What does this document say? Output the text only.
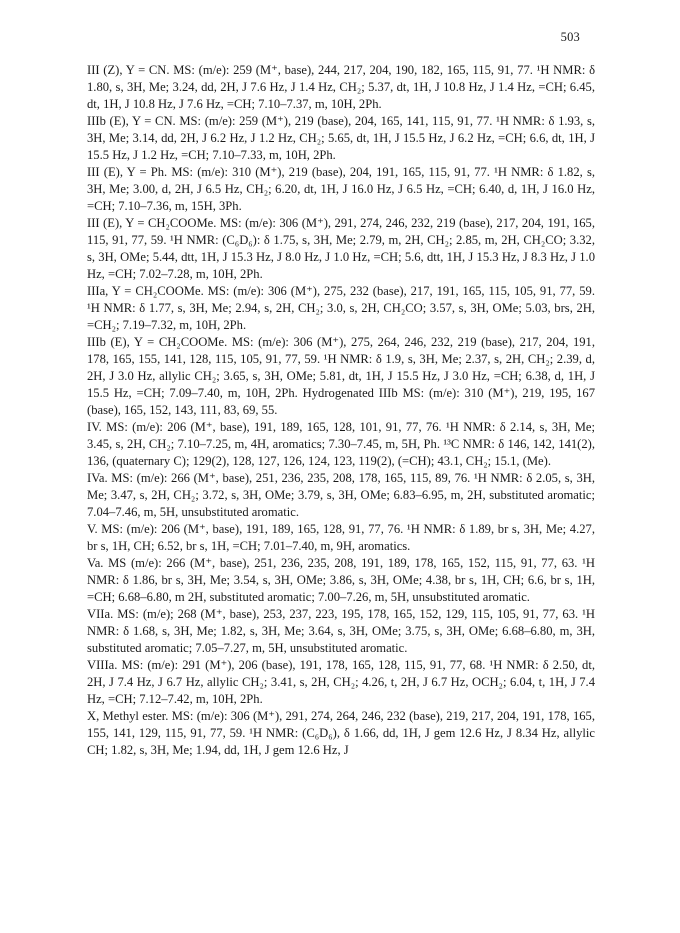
503

III (Z), Y = CN. MS: (m/e): 259 (M⁺, base), 244, 217, 204, 190, 182, 165, 115, 91, 77. ¹H NMR: δ 1.80, s, 3H, Me; 3.24, dd, 2H, J 7.6 Hz, J 1.4 Hz, CH₂; 5.37, dt, 1H, J 10.8 Hz, J 1.4 Hz, =CH; 6.45, dt, 1H, J 10.8 Hz, J 7.6 Hz, =CH; 7.10–7.37, m, 10H, 2Ph.

IIIb (E), Y = CN. MS: (m/e): 259 (M⁺), 219 (base), 204, 165, 141, 115, 91, 77. ¹H NMR: δ 1.93, s, 3H, Me; 3.14, dd, 2H, J 6.2 Hz, J 1.2 Hz, CH₂; 5.65, dt, 1H, J 15.5 Hz, J 6.2 Hz, =CH; 6.6, dt, 1H, J 15.5 Hz, J 1.2 Hz, =CH; 7.10–7.33, m, 10H, 2Ph.

III (E), Y = Ph. MS: (m/e): 310 (M⁺), 219 (base), 204, 191, 165, 115, 91, 77. ¹H NMR: δ 1.82, s, 3H, Me; 3.00, d, 2H, J 6.5 Hz, CH₂; 6.20, dt, 1H, J 16.0 Hz, J 6.5 Hz, =CH; 6.40, d, 1H, J 16.0 Hz, =CH; 7.10–7.36, m, 15H, 3Ph.

III (E), Y = CH₂COOMe. MS: (m/e): 306 (M⁺), 291, 274, 246, 232, 219 (base), 217, 204, 191, 165, 115, 91, 77, 59. ¹H NMR: (C₆D₆): δ 1.75, s, 3H, Me; 2.79, m, 2H, CH₂; 2.85, m, 2H, CH₂CO; 3.32, s, 3H, OMe; 5.44, dtt, 1H, J 15.3 Hz, J 8.0 Hz, J 1.0 Hz, =CH; 5.6, dtt, 1H, J 15.3 Hz, J 8.3 Hz, J 1.0 Hz, =CH; 7.02–7.28, m, 10H, 2Ph.

IIIa, Y = CH₂COOMe. MS: (m/e): 306 (M⁺), 275, 232 (base), 217, 191, 165, 115, 105, 91, 77, 59. ¹H NMR: δ 1.77, s, 3H, Me; 2.94, s, 2H, CH₂; 3.0, s, 2H, CH₂CO; 3.57, s, 3H, OMe; 5.03, brs, 2H, =CH₂; 7.19–7.32, m, 10H, 2Ph.

IIIb (E), Y = CH₂COOMe. MS: (m/e): 306 (M⁺), 275, 264, 246, 232, 219 (base), 217, 204, 191, 178, 165, 155, 141, 128, 115, 105, 91, 77, 59. ¹H NMR: δ 1.9, s, 3H, Me; 2.37, s, 2H, CH₂; 2.39, d, 2H, J 3.0 Hz, allylic CH₂; 3.65, s, 3H, OMe; 5.81, dt, 1H, J 15.5 Hz, J 3.0 Hz, =CH; 6.38, d, 1H, J 15.5 Hz, =CH; 7.09–7.40, m, 10H, 2Ph. Hydrogenated IIIb MS: (m/e): 310 (M⁺), 219, 195, 167 (base), 165, 152, 143, 111, 83, 69, 55.

IV. MS: (m/e): 206 (M⁺, base), 191, 189, 165, 128, 101, 91, 77, 76. ¹H NMR: δ 2.14, s, 3H, Me; 3.45, s, 2H, CH₂; 7.10–7.25, m, 4H, aromatics; 7.30–7.45, m, 5H, Ph. ¹³C NMR: δ 146, 142, 141(2), 136, (quaternary C); 129(2), 128, 127, 126, 124, 123, 119(2), (=CH); 43.1, CH₂; 15.1, (Me).

IVa. MS: (m/e): 266 (M⁺, base), 251, 236, 235, 208, 178, 165, 115, 89, 76. ¹H NMR: δ 2.05, s, 3H, Me; 3.47, s, 2H, CH₂; 3.72, s, 3H, OMe; 3.79, s, 3H, OMe; 6.83–6.95, m, 2H, substituted aromatic; 7.04–7.46, m, 5H, unsubstituted aromatic.

V. MS: (m/e): 206 (M⁺, base), 191, 189, 165, 128, 91, 77, 76. ¹H NMR: δ 1.89, br s, 3H, Me; 4.27, br s, 1H, CH; 6.52, br s, 1H, =CH; 7.01–7.40, m, 9H, aromatics.

Va. MS (m/e): 266 (M⁺, base), 251, 236, 235, 208, 191, 189, 178, 165, 152, 115, 91, 77, 63. ¹H NMR: δ 1.86, br s, 3H, Me; 3.54, s, 3H, OMe; 3.86, s, 3H, OMe; 4.38, br s, 1H, CH; 6.6, br s, 1H, =CH; 6.68–6.80, m 2H, substituted aromatic; 7.00–7.26, m, 5H, unsubstituted aromatic.

VIIa. MS: (m/e); 268 (M⁺, base), 253, 237, 223, 195, 178, 165, 152, 129, 115, 105, 91, 77, 63. ¹H NMR: δ 1.68, s, 3H, Me; 1.82, s, 3H, Me; 3.64, s, 3H, OMe; 3.75, s, 3H, OMe; 6.68–6.80, m, 3H, substituted aromatic; 7.05–7.27, m, 5H, unsubstituted aromatic.

VIIIa. MS: (m/e): 291 (M⁺), 206 (base), 191, 178, 165, 128, 115, 91, 77, 68. ¹H NMR: δ 2.50, dt, 2H, J 7.4 Hz, J 6.7 Hz, allylic CH₂; 3.41, s, 2H, CH₂; 4.26, t, 2H, J 6.7 Hz, OCH₂; 6.04, t, 1H, J 7.4 Hz, =CH; 7.12–7.42, m, 10H, 2Ph.

X, Methyl ester. MS: (m/e): 306 (M⁺), 291, 274, 264, 246, 232 (base), 219, 217, 204, 191, 178, 165, 155, 141, 129, 115, 91, 77, 59. ¹H NMR: (C₆D₆), δ 1.66, dd, 1H, J gem 12.6 Hz, J 8.34 Hz, allylic CH; 1.82, s, 3H, Me; 1.94, dd, 1H, J gem 12.6 Hz, J
